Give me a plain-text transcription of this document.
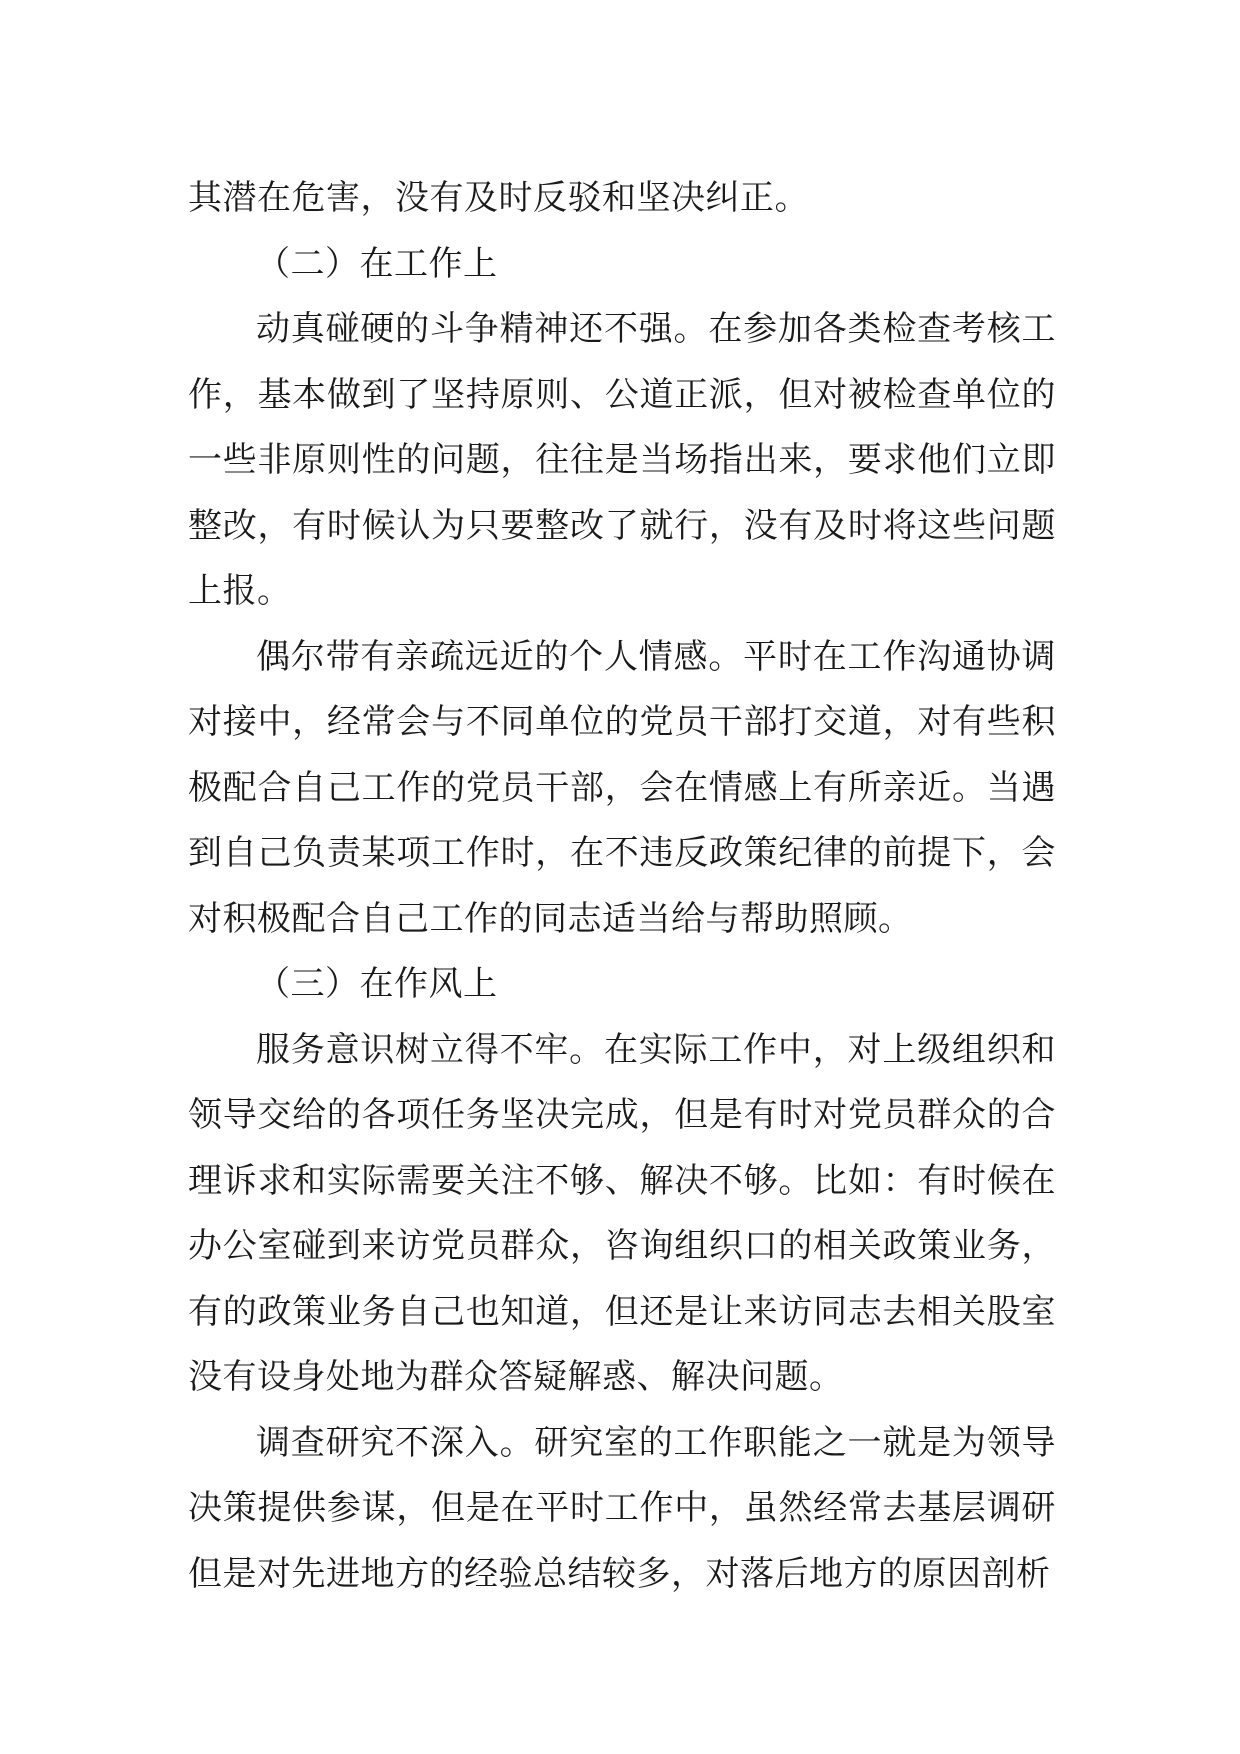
其潜在危害，没有及时反驳和坚决纠正。

（二）在工作上

动真碰硬的斗争精神还不强。在参加各类检查考核工作，基本做到了坚持原则、公道正派，但对被检查单位的一些非原则性的问题，往往是当场指出来，要求他们立即整改，有时候认为只要整改了就行，没有及时将这些问题上报。

偶尔带有亲疏远近的个人情感。平时在工作沟通协调对接中，经常会与不同单位的党员干部打交道，对有些积极配合自己工作的党员干部，会在情感上有所亲近。当遇到自己负责某项工作时，在不违反政策纪律的前提下，会对积极配合自己工作的同志适当给与帮助照顾。

（三）在作风上

服务意识树立得不牢。在实际工作中，对上级组织和领导交给的各项任务坚决完成，但是有时对党员群众的合理诉求和实际需要关注不够、解决不够。比如：有时候在办公室碰到来访党员群众，咨询组织口的相关政策业务，有的政策业务自己也知道，但还是让来访同志去相关股室没有设身处地为群众答疑解惑、解决问题。

调查研究不深入。研究室的工作职能之一就是为领导决策提供参谋，但是在平时工作中，虽然经常去基层调研但是对先进地方的经验总结较多，对落后地方的原因剖析
